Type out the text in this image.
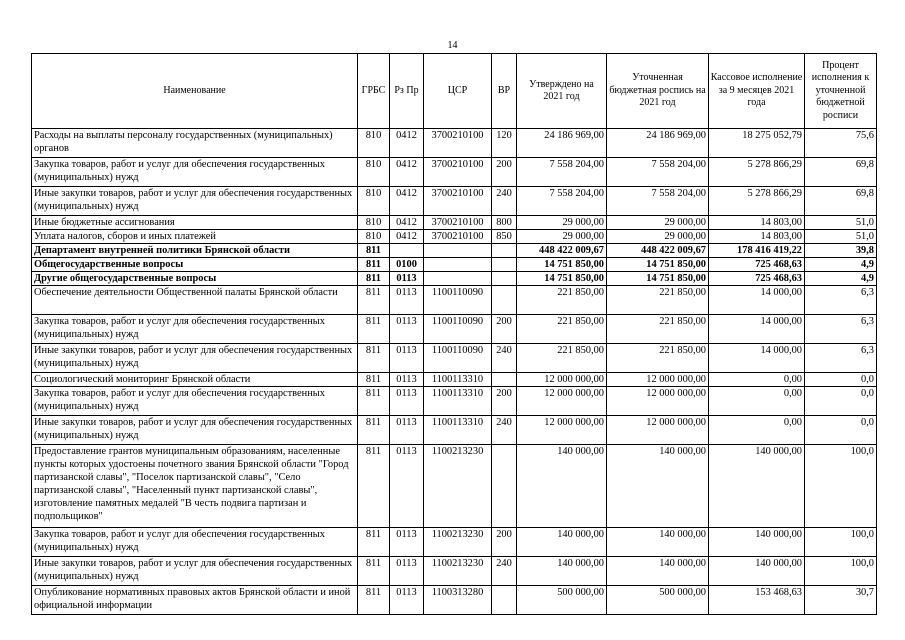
14
Наименование	ГРБС	Рз Пр	ЦСР	ВР	Утверждено на 2021 год	Уточненная бюджетная роспись на 2021 год	Кассовое исполнение за 9 месяцев 2021 года	Процент исполнения к уточненной бюджетной росписи
Расходы на выплаты персоналу государственных (муниципальных) органов	810	0412	3700210100	120	24 186 969,00	24 186 969,00	18 275 052,79	75,6
Закупка товаров, работ и услуг для обеспечения государственных (муниципальных) нужд	810	0412	3700210100	200	7 558 204,00	7 558 204,00	5 278 866,29	69,8
Иные закупки товаров, работ и услуг для обеспечения государственных (муниципальных) нужд	810	0412	3700210100	240	7 558 204,00	7 558 204,00	5 278 866,29	69,8
Иные бюджетные ассигнования	810	0412	3700210100	800	29 000,00	29 000,00	14 803,00	51,0
Уплата налогов, сборов и иных платежей	810	0412	3700210100	850	29 000,00	29 000,00	14 803,00	51,0
Департамент внутренней политики Брянской области	811				448 422 009,67	448 422 009,67	178 416 419,22	39,8
Общегосударственные вопросы	811	0100			14 751 850,00	14 751 850,00	725 468,63	4,9
Другие общегосударственные вопросы	811	0113			14 751 850,00	14 751 850,00	725 468,63	4,9
Обеспечение деятельности Общественной палаты Брянской области	811	0113	1100110090		221 850,00	221 850,00	14 000,00	6,3
Закупка товаров, работ и услуг для обеспечения государственных (муниципальных) нужд	811	0113	1100110090	200	221 850,00	221 850,00	14 000,00	6,3
Иные закупки товаров, работ и услуг для обеспечения государственных (муниципальных) нужд	811	0113	1100110090	240	221 850,00	221 850,00	14 000,00	6,3
Социологический мониторинг Брянской области	811	0113	1100113310		12 000 000,00	12 000 000,00	0,00	0,0
Закупка товаров, работ и услуг для обеспечения государственных (муниципальных) нужд	811	0113	1100113310	200	12 000 000,00	12 000 000,00	0,00	0,0
Иные закупки товаров, работ и услуг для обеспечения государственных (муниципальных) нужд	811	0113	1100113310	240	12 000 000,00	12 000 000,00	0,00	0,0
Предоставление грантов муниципальным образованиям, населенные пункты которых удостоены почетного звания Брянской области "Город партизанской славы", "Поселок партизанской славы", "Село партизанской славы", "Населенный пункт партизанской славы", изготовление памятных медалей "В честь подвига партизан и подпольщиков"	811	0113	1100213230		140 000,00	140 000,00	140 000,00	100,0
Закупка товаров, работ и услуг для обеспечения государственных (муниципальных) нужд	811	0113	1100213230	200	140 000,00	140 000,00	140 000,00	100,0
Иные закупки товаров, работ и услуг для обеспечения государственных (муниципальных) нужд	811	0113	1100213230	240	140 000,00	140 000,00	140 000,00	100,0
Опубликование нормативных правовых актов Брянской области и иной официальной информации	811	0113	1100313280		500 000,00	500 000,00	153 468,63	30,7
